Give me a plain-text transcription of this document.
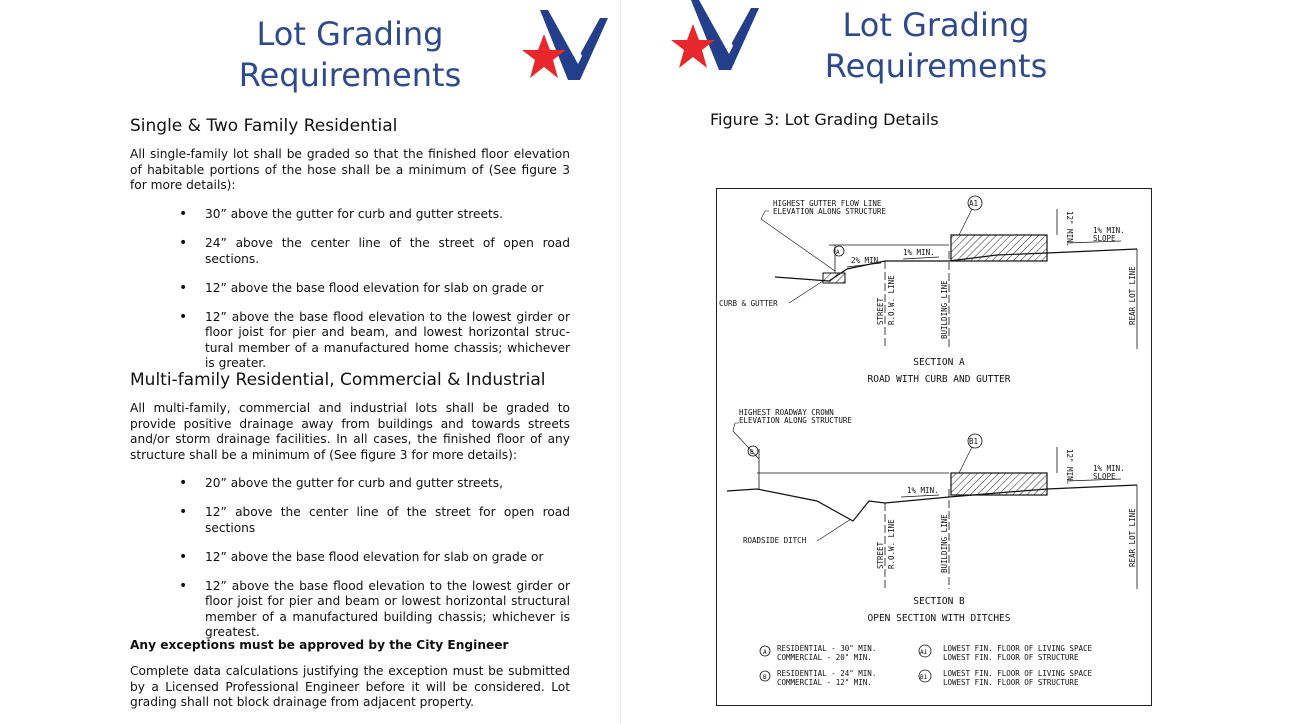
Lot Grading
Requirements
Single & Two Family Residential
All single-family lot shall be graded so that the finished floor elevation of habitable portions of the hose shall be a minimum of (See figure 3 for more details):
• 30” above the gutter for curb and gutter streets.
• 24” above the center line of the street of open road sections.
• 12” above the base flood elevation for slab on grade or
• 12” above the base flood elevation to the lowest girder or floor joist for pier and beam, and lowest horizontal struc-tural member of a manufactured home chassis; whichever is greater.
Multi-family Residential, Commercial & Industrial
All multi-family, commercial and industrial lots shall be graded to provide positive drainage away from buildings and towards streets and/or storm drainage facilities. In all cases, the finished floor of any structure shall be a minimum of (See figure 3 for more details):
• 20” above the gutter for curb and gutter streets,
• 12” above the center line of the street for open road sections
• 12” above the base flood elevation for slab on grade or
• 12” above the base flood elevation to the lowest girder or floor joist for pier and beam or lowest horizontal structural member of a manufactured building chassis; whichever is greatest.
Any exceptions must be approved by the City Engineer
Complete data calculations justifying the exception must be submitted by a Licensed Professional Engineer before it will be considered. Lot grading shall not block drainage from adjacent property.
Lot Grading
Requirements
Figure 3: Lot Grading Details
HIGHEST GUTTER FLOW LINE
ELEVATION ALONG STRUCTURE
A1
A
12" MIN.	1% MIN.
SLOPE
2% MIN.
1% MIN.
CURB & GUTTER	STREET R.O.W. LINE	BUILDING LINE	REAR LOT LINE
SECTION A
ROAD WITH CURB AND GUTTER
HIGHEST ROADWAY CROWN
ELEVATION ALONG STRUCTURE
B1
B	12" MIN.	1% MIN.
SLOPE
1% MIN.
ROADSIDE DITCH
STREET R.O.W. LINE	BUILDING LINE	REAR LOT LINE
SECTION B
OPEN SECTION WITH DITCHES
A	A1
B	B1
RESIDENTIAL - 30" MIN.
COMMERCIAL - 20" MIN.
LOWEST FIN. FLOOR OF LIVING SPACE
LOWEST FIN. FLOOR OF STRUCTURE
RESIDENTIAL - 24" MIN.
COMMERCIAL - 12" MIN.
LOWEST FIN. FLOOR OF LIVING SPACE
LOWEST FIN. FLOOR OF STRUCTURE
